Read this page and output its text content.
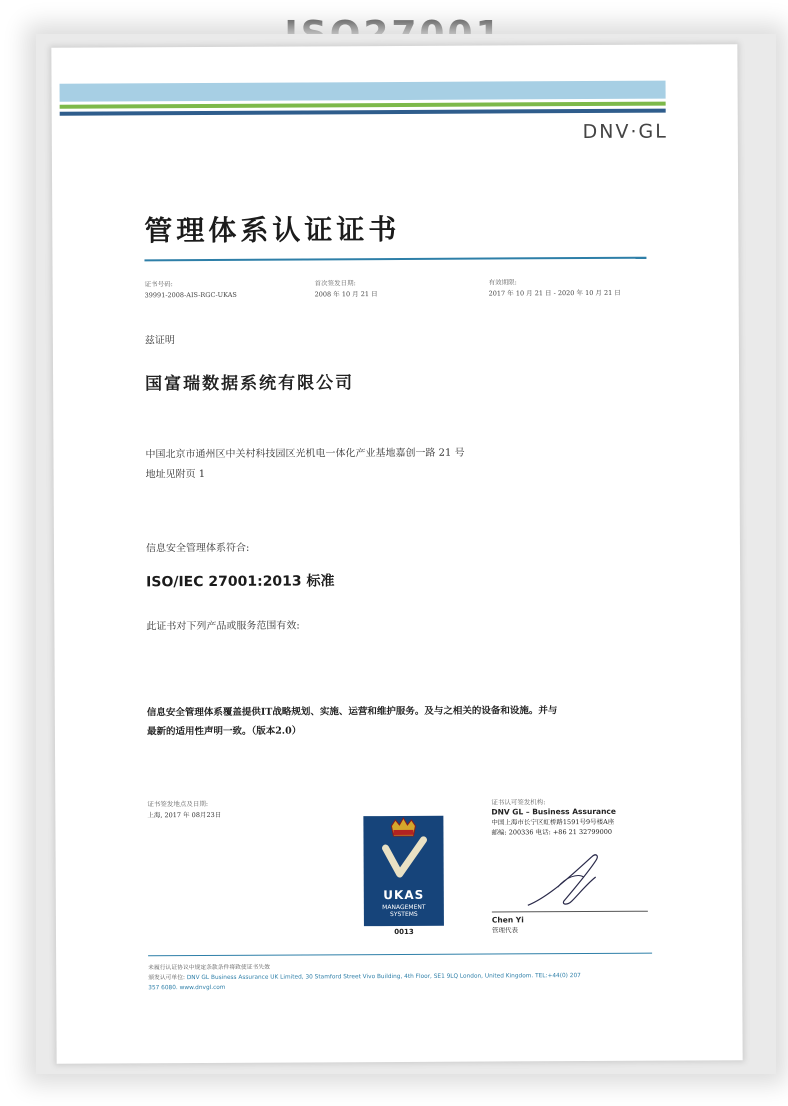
DNV·GL
管理体系认证证书
证书号码:
39991-2008-AIS-RGC-UKAS
首次签发日期:
2008 年 10 月 21 日
有效期限:
2017 年 10 月 21 日 - 2020 年 10 月 21 日
兹证明
国富瑞数据系统有限公司
中国北京市通州区中关村科技园区光机电一体化产业基地嘉创一路 21 号
地址见附页 1
信息安全管理体系符合:
ISO/IEC 27001:2013 标准
此证书对下列产品或服务范围有效:
信息安全管理体系覆盖提供IT战略规划、实施、运营和维护服务。及与之相关的设备和设施。并与
最新的适用性声明一致。（版本2.0）
证书签发地点及日期:
上海, 2017 年 08月23日
UKAS
MANAGEMENT
SYSTEMS
0013
证书认可签发机构:
DNV GL – Business Assurance
中国上海市长宁区虹桥路1591号9号楼A座
邮编: 200336 电话: +86 21 32799000
Chen Yi
管理代表
未履行认证协议中规定条款条件将致使证书失效
颁发认可单位: DNV GL Business Assurance UK Limited, 30 Stamford Street Vivo Building, 4th Floor, SE1 9LQ London, United Kingdom. TEL:+44(0) 207
357 6080. www.dnvgl.com
